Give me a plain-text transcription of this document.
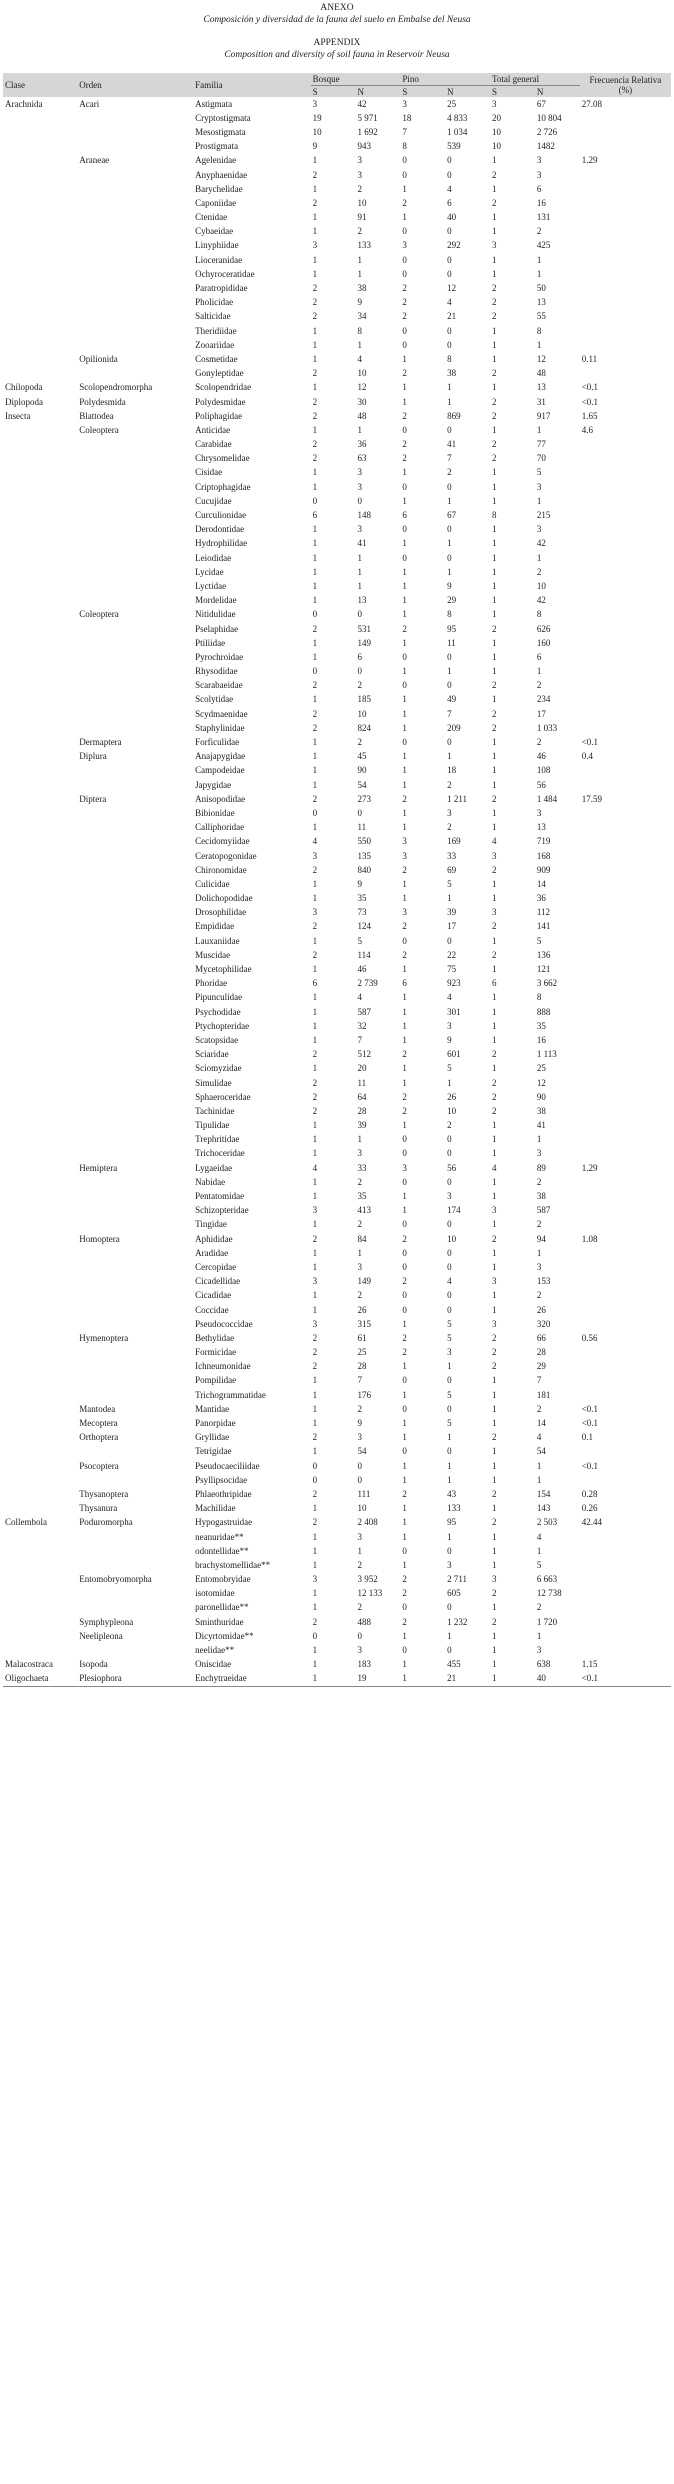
ANEXO
Composición y diversidad de la fauna del suelo en Embalse del Neusa
APPENDIX
Composition and diversity of soil fauna in Reservoir Neusa
Clase	Orden	Familia	Bosque		Pino		Total general		Frecuencia Relativa (%)
			S	N	S	N	S	N	
Arachnida	Acari	Astigmata	3	42	3	25	3	67	27.08
		Cryptostigmata	19	5 971	18	4 833	20	10 804	
		Mesostigmata	10	1 692	7	1 034	10	2 726	
		Prostigmata	9	943	8	539	10	1482	
	Araneae	Agelenidae	1	3	0	0	1	3	1.29
		Anyphaenidae	2	3	0	0	2	3	
		Barychelidae	1	2	1	4	1	6	
		Caponiidae	2	10	2	6	2	16	
		Ctenidae	1	91	1	40	1	131	
		Cybaeidae	1	2	0	0	1	2	
		Linyphiidae	3	133	3	292	3	425	
		Lioceranidae	1	1	0	0	1	1	
		Ochyroceratidae	1	1	0	0	1	1	
		Paratropididae	2	38	2	12	2	50	
		Pholicidae	2	9	2	4	2	13	
		Salticidae	2	34	2	21	2	55	
		Theridiidae	1	8	0	0	1	8	
		Zooariidae	1	1	0	0	1	1	
	Opilionida	Cosmetidae	1	4	1	8	1	12	0.11
		Gonyleptidae	2	10	2	38	2	48	
Chilopoda	Scolopendromorpha	Scolopendridae	1	12	1	1	1	13	<0.1
Diplopoda	Polydesmida	Polydesmidae	2	30	1	1	2	31	<0.1
Insecta	Blattodea	Poliphagidae	2	48	2	869	2	917	1.65
	Coleoptera	Anticidae	1	1	0	0	1	1	4.6
		Carabidae	2	36	2	41	2	77	
		Chrysomelidae	2	63	2	7	2	70	
		Cisidae	1	3	1	2	1	5	
		Criptophagidae	1	3	0	0	1	3	
		Cucujidae	0	0	1	1	1	1	
		Curculionidae	6	148	6	67	8	215	
		Derodontidae	1	3	0	0	1	3	
		Hydrophilidae	1	41	1	1	1	42	
		Leiodidae	1	1	0	0	1	1	
		Lycidae	1	1	1	1	1	2	
		Lyctidae	1	1	1	9	1	10	
		Mordelidae	1	13	1	29	1	42	
	Coleoptera	Nitidulidae	0	0	1	8	1	8	
		Pselaphidae	2	531	2	95	2	626	
		Ptiliidae	1	149	1	11	1	160	
		Pyrochroidae	1	6	0	0	1	6	
		Rhysodidae	0	0	1	1	1	1	
		Scarabaeidae	2	2	0	0	2	2	
		Scolytidae	1	185	1	49	1	234	
		Scydmaenidae	2	10	1	7	2	17	
		Staphylinidae	2	824	1	209	2	1 033	
	Dermaptera	Forficulidae	1	2	0	0	1	2	<0.1
	Diplura	Anajapygidae	1	45	1	1	1	46	0.4
		Campodeidae	1	90	1	18	1	108	
		Japygidae	1	54	1	2	1	56	
	Diptera	Anisopodidae	2	273	2	1 211	2	1 484	17.59
		Bibionidae	0	0	1	3	1	3	
		Calliphoridae	1	11	1	2	1	13	
		Cecidomyiidae	4	550	3	169	4	719	
		Ceratopogonidae	3	135	3	33	3	168	
		Chironomidae	2	840	2	69	2	909	
		Culicidae	1	9	1	5	1	14	
		Dolichopodidae	1	35	1	1	1	36	
		Drosophilidae	3	73	3	39	3	112	
		Empididae	2	124	2	17	2	141	
		Lauxaniidae	1	5	0	0	1	5	
		Muscidae	2	114	2	22	2	136	
		Mycetophilidae	1	46	1	75	1	121	
		Phoridae	6	2 739	6	923	6	3 662	
		Pipunculidae	1	4	1	4	1	8	
		Psychodidae	1	587	1	301	1	888	
		Ptychopteridae	1	32	1	3	1	35	
		Scatopsidae	1	7	1	9	1	16	
		Sciaridae	2	512	2	601	2	1 113	
		Sciomyzidae	1	20	1	5	1	25	
		Simulidae	2	11	1	1	2	12	
		Sphaeroceridae	2	64	2	26	2	90	
		Tachinidae	2	28	2	10	2	38	
		Tipulidae	1	39	1	2	1	41	
		Trephritidae	1	1	0	0	1	1	
		Trichoceridae	1	3	0	0	1	3	
	Hemiptera	Lygaeidae	4	33	3	56	4	89	1.29
		Nabidae	1	2	0	0	1	2	
		Pentatomidae	1	35	1	3	1	38	
		Schizopteridae	3	413	1	174	3	587	
		Tingidae	1	2	0	0	1	2	
	Homoptera	Aphididae	2	84	2	10	2	94	1.08
		Aradidae	1	1	0	0	1	1	
		Cercopidae	1	3	0	0	1	3	
		Cicadellidae	3	149	2	4	3	153	
		Cicadidae	1	2	0	0	1	2	
		Coccidae	1	26	0	0	1	26	
		Pseudococcidae	3	315	1	5	3	320	
	Hymenoptera	Bethylidae	2	61	2	5	2	66	0.56
		Formicidae	2	25	2	3	2	28	
		Ichneumonidae	2	28	1	1	2	29	
		Pompilidae	1	7	0	0	1	7	
		Trichogrammatidae	1	176	1	5	1	181	
	Mantodea	Mantidae	1	2	0	0	1	2	<0.1
	Mecoptera	Panorpidae	1	9	1	5	1	14	<0.1
	Orthoptera	Gryllidae	2	3	1	1	2	4	0.1
		Tetrigidae	1	54	0	0	1	54	
	Psocoptera	Pseudocaeciliidae	0	0	1	1	1	1	<0.1
		Psyllipsocidae	0	0	1	1	1	1	
	Thysanoptera	Phlaeothripidae	2	111	2	43	2	154	0.28
	Thysanura	Machilidae	1	10	1	133	1	143	0.26
Collembola	Poduromorpha	Hypogastruidae	2	2 408	1	95	2	2 503	42.44
		neanuridae**	1	3	1	1	1	4	
		odontellidae**	1	1	0	0	1	1	
		brachystomellidae**	1	2	1	3	1	5	
	Entomobryomorpha	Entomobryidae	3	3 952	2	2 711	3	6 663	
		isotomidae	1	12 133	2	605	2	12 738	
		paronellidae**	1	2	0	0	1	2	
	Symphypleona	Sminthuridae	2	488	2	1 232	2	1 720	
	Neelipleona	Dicyrtomidae**	0	0	1	1	1	1	
		neelidae**	1	3	0	0	1	3	
Malacostraca	Isopoda	Oniscidae	1	183	1	455	1	638	1.15
Oligochaeta	Plesiophora	Enchytraeidae	1	19	1	21	1	40	<0.1
